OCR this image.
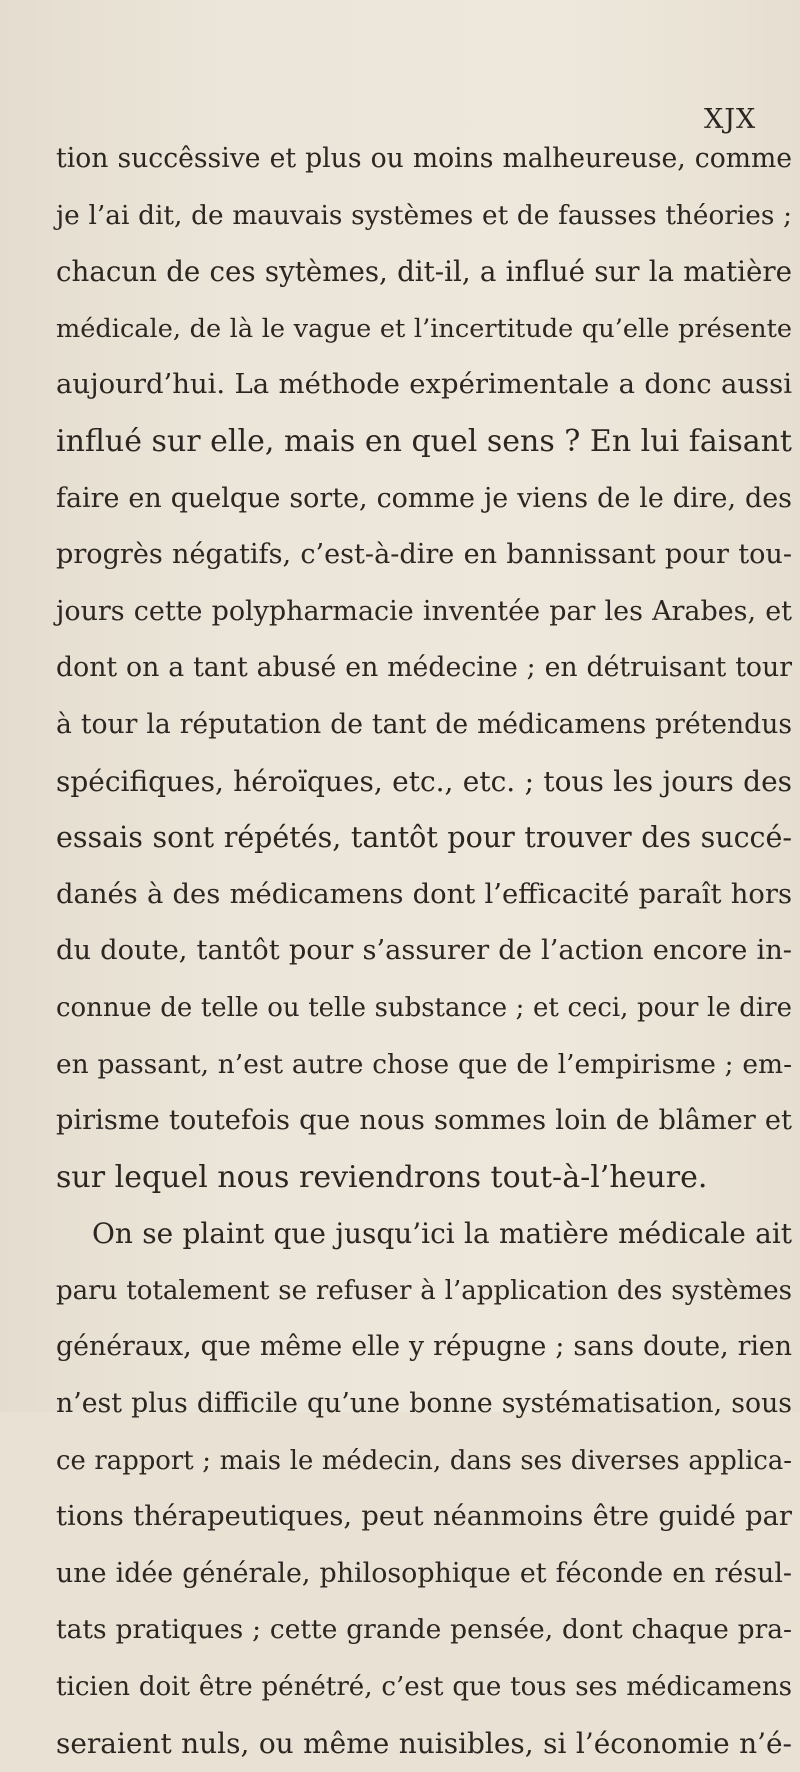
XJX
tion succêssive et plus ou moins malheureuse, comme
je l’ai dit, de mauvais systèmes et de fausses théories ;
chacun de ces sytèmes, dit-il, a influé sur la matière
médicale, de là le vague et l’incertitude qu’elle présente
aujourd’hui. La méthode expérimentale a donc aussi
influé sur elle, mais en quel sens ? En lui faisant
faire en quelque sorte, comme je viens de le dire, des
progrès négatifs, c’est-à-dire en bannissant pour tou-
jours cette polypharmacie inventée par les Arabes, et
dont on a tant abusé en médecine ; en détruisant tour
à tour la réputation de tant de médicamens prétendus
spécifiques, héroïques, etc., etc. ; tous les jours des
essais sont répétés, tantôt pour trouver des succé-
danés à des médicamens dont l’efficacité paraît hors
du doute, tantôt pour s’assurer de l’action encore in-
connue de telle ou telle substance ; et ceci, pour le dire
en passant, n’est autre chose que de l’empirisme ; em-
pirisme toutefois que nous sommes loin de blâmer et
sur lequel nous reviendrons tout-à-l’heure.
On se plaint que jusqu’ici la matière médicale ait
paru totalement se refuser à l’application des systèmes
généraux, que même elle y répugne ; sans doute, rien
n’est plus difficile qu’une bonne systématisation, sous
ce rapport ; mais le médecin, dans ses diverses applica-
tions thérapeutiques, peut néanmoins être guidé par
une idée générale, philosophique et féconde en résul-
tats pratiques ; cette grande pensée, dont chaque pra-
ticien doit être pénétré, c’est que tous ses médicamens
seraient nuls, ou même nuisibles, si l’économie n’é-
